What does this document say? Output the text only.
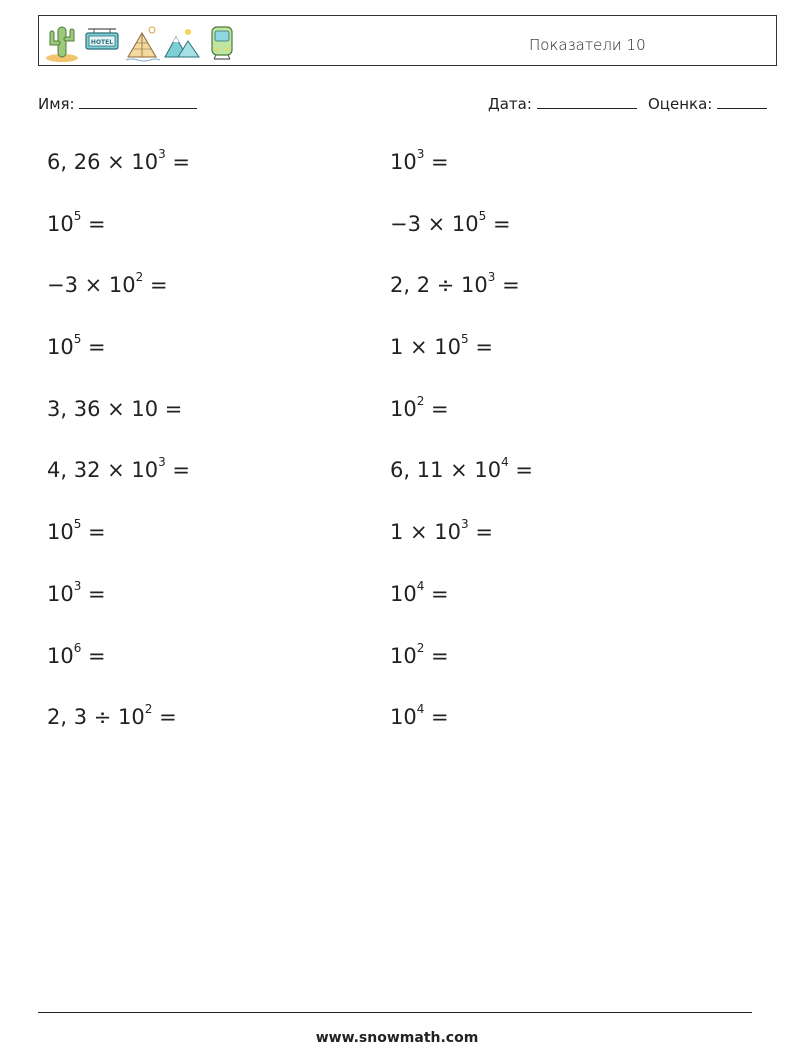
HOTEL	Показатели 10
Имя:	Дата:	Оценка:
6, $26 \times 10^3$ =	$10^3$ =
$10^5$ =	$-3 \times 10^5$ =
$-3 \times 10^2$ =	2, $2 \div 10^3$ =
$10^5$ =	$1 \times 10^5$ =
3, 36 × 10 =	$10^2$ =
4, $32 \times 10^3$ =	6, $11 \times 10^4$ =
$10^5$ =	$1 \times 10^3$ =
$10^3$ =	$10^4$ =
$10^6$ =	$10^2$ =
2, $3 \div 10^2$ =	$10^4$ =
www.snowmath.com
